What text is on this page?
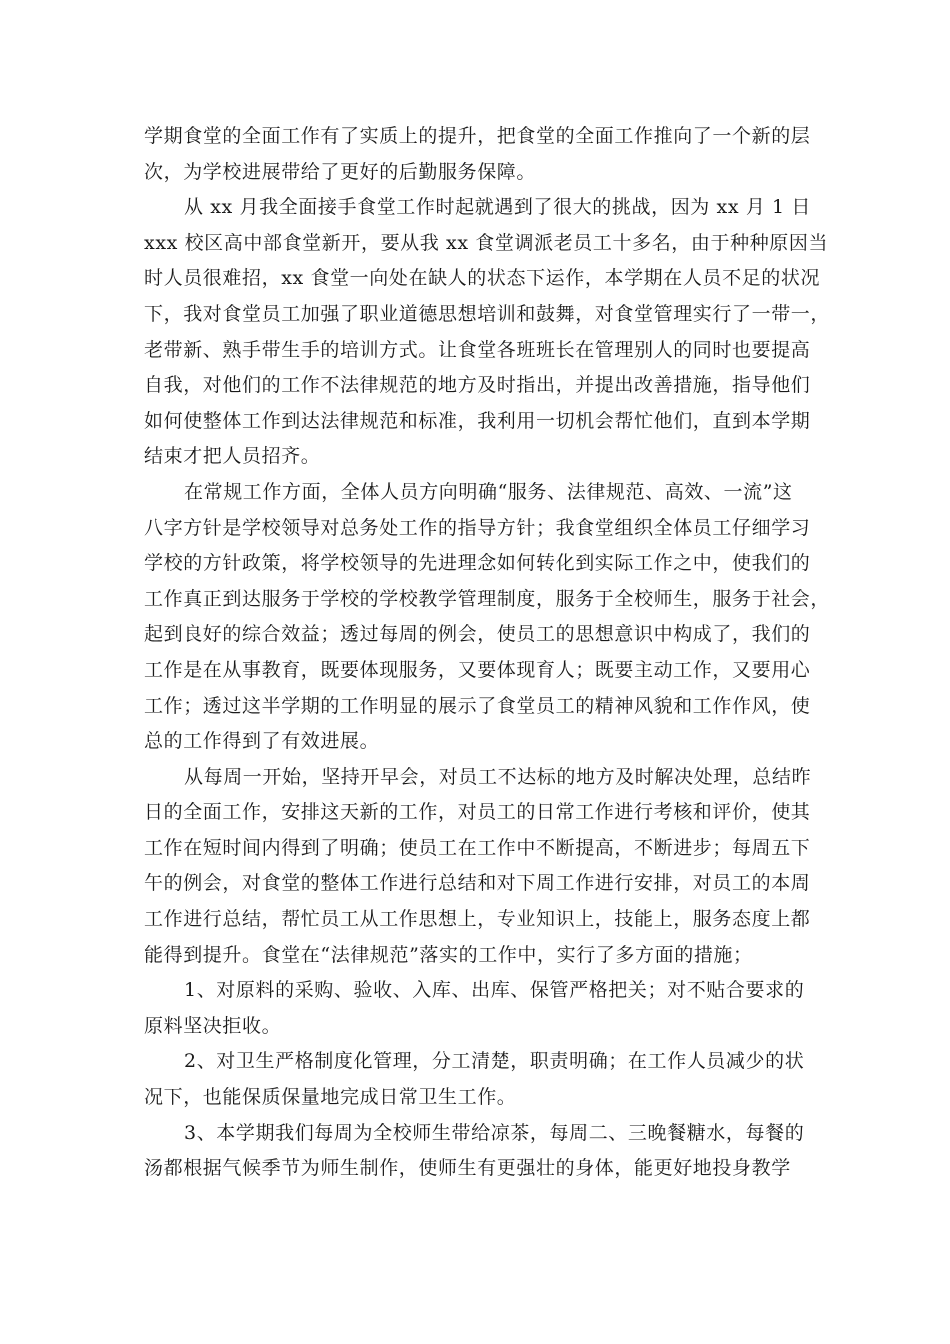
学期食堂的全面工作有了实质上的提升，把食堂的全面工作推向了一个新的层
次，为学校进展带给了更好的后勤服务保障。

从 xx 月我全面接手食堂工作时起就遇到了很大的挑战，因为 xx 月 1 日
xxx 校区高中部食堂新开，要从我 xx 食堂调派老员工十多名，由于种种原因当
时人员很难招，xx 食堂一向处在缺人的状态下运作，本学期在人员不足的状况
下，我对食堂员工加强了职业道德思想培训和鼓舞，对食堂管理实行了一带一，
老带新、熟手带生手的培训方式。让食堂各班班长在管理别人的同时也要提高
自我，对他们的工作不法律规范的地方及时指出，并提出改善措施，指导他们
如何使整体工作到达法律规范和标准，我利用一切机会帮忙他们，直到本学期
结束才把人员招齐。

在常规工作方面，全体人员方向明确“服务、法律规范、高效、一流”这
八字方针是学校领导对总务处工作的指导方针；我食堂组织全体员工仔细学习
学校的方针政策，将学校领导的先进理念如何转化到实际工作之中，使我们的
工作真正到达服务于学校的学校教学管理制度，服务于全校师生，服务于社会，
起到良好的综合效益；透过每周的例会，使员工的思想意识中构成了，我们的
工作是在从事教育，既要体现服务，又要体现育人；既要主动工作，又要用心
工作；透过这半学期的工作明显的展示了食堂员工的精神风貌和工作作风，使
总的工作得到了有效进展。

从每周一开始，坚持开早会，对员工不达标的地方及时解决处理，总结昨
日的全面工作，安排这天新的工作，对员工的日常工作进行考核和评价，使其
工作在短时间内得到了明确；使员工在工作中不断提高，不断进步；每周五下
午的例会，对食堂的整体工作进行总结和对下周工作进行安排，对员工的本周
工作进行总结，帮忙员工从工作思想上，专业知识上，技能上，服务态度上都
能得到提升。食堂在“法律规范”落实的工作中，实行了多方面的措施；

1、对原料的采购、验收、入库、出库、保管严格把关；对不贴合要求的
原料坚决拒收。

2、对卫生严格制度化管理，分工清楚，职责明确；在工作人员减少的状
况下，也能保质保量地完成日常卫生工作。

3、本学期我们每周为全校师生带给凉茶，每周二、三晚餐糖水，每餐的
汤都根据气候季节为师生制作，使师生有更强壮的身体，能更好地投身教学
